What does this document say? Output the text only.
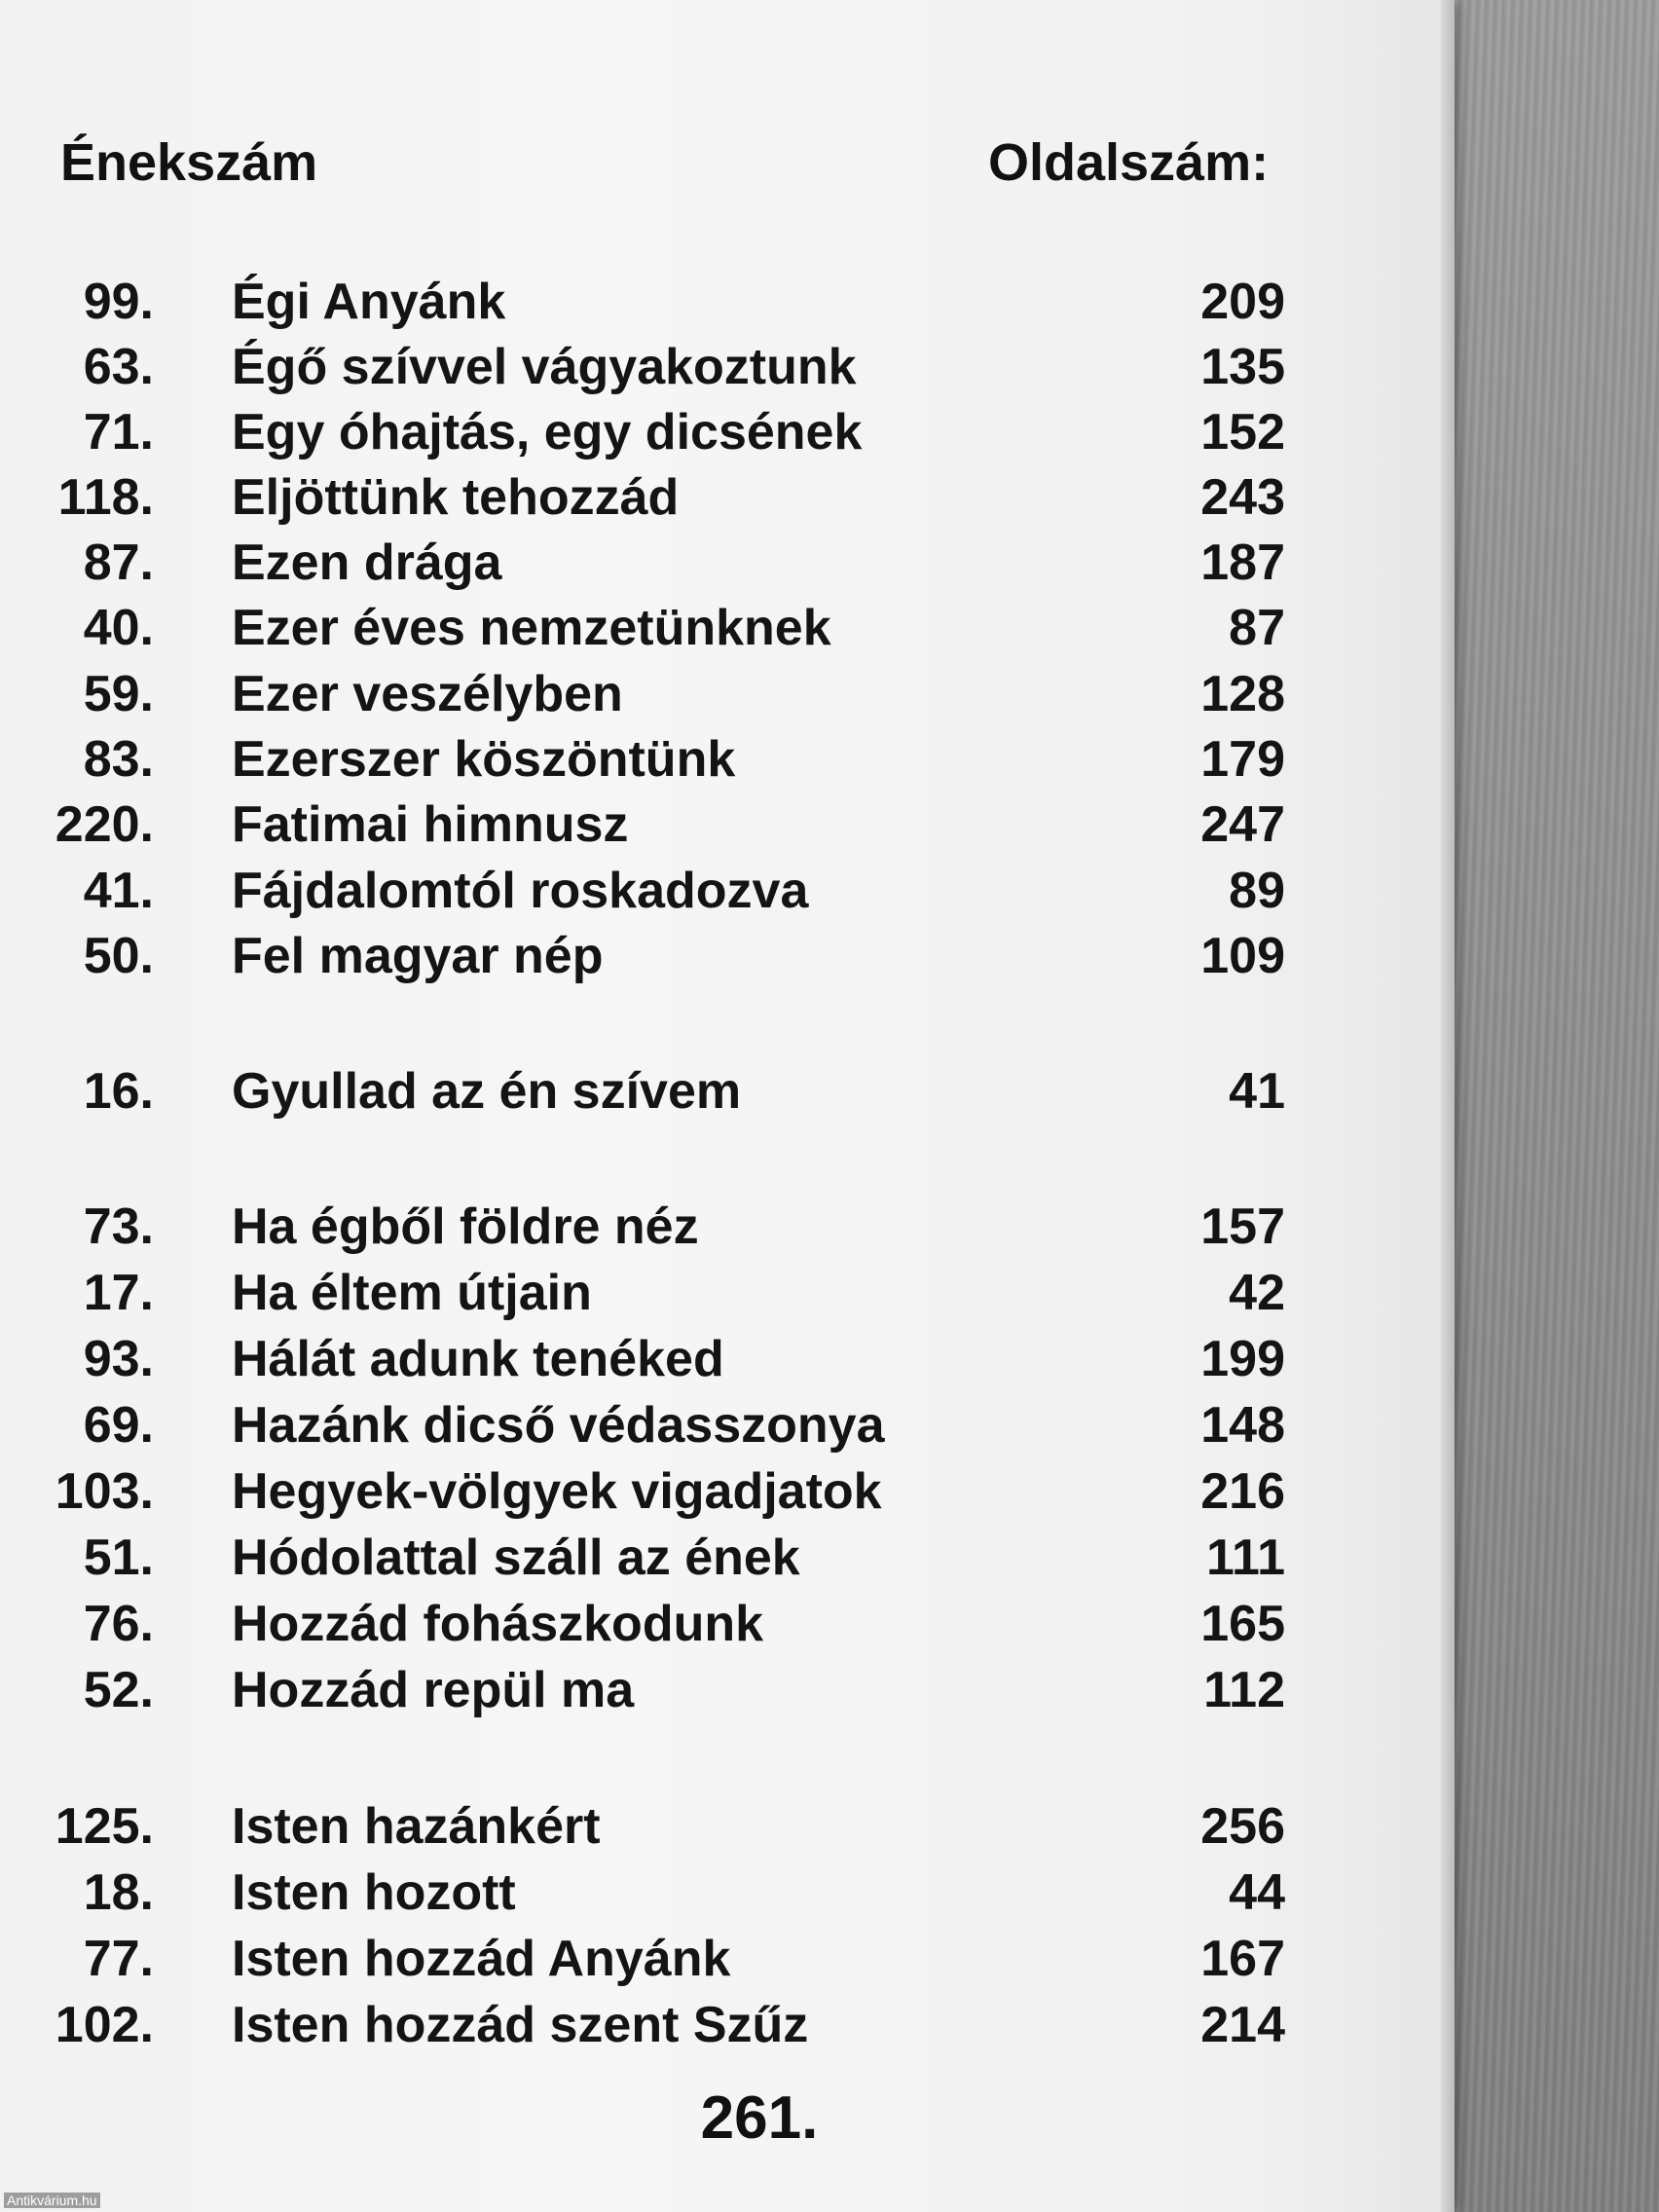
Énekszám	Oldalszám:
99. Égi Anyánk	209
63. Égő szívvel vágyakoztunk	135
71. Egy óhajtás, egy dicsének	152
118. Eljöttünk tehozzád	243
87. Ezen drága	187
40. Ezer éves nemzetünknek	87
59. Ezer veszélyben	128
83. Ezerszer köszöntünk	179
220. Fatimai himnusz	247
41. Fájdalomtól roskadozva	89
50. Fel magyar nép	109
16. Gyullad az én szívem	41
73. Ha égből földre néz	157
17. Ha éltem útjain	42
93. Hálát adunk tenéked	199
69. Hazánk dicső védasszonya	148
103. Hegyek-völgyek vigadjatok	216
51. Hódolattal száll az ének	111
76. Hozzád fohászkodunk	165
52. Hozzád repül ma	112
125. Isten hazánkért	256
18. Isten hozott	44
77. Isten hozzád Anyánk	167
102. Isten hozzád szent Szűz	214
261.
Antikvárium.hu
